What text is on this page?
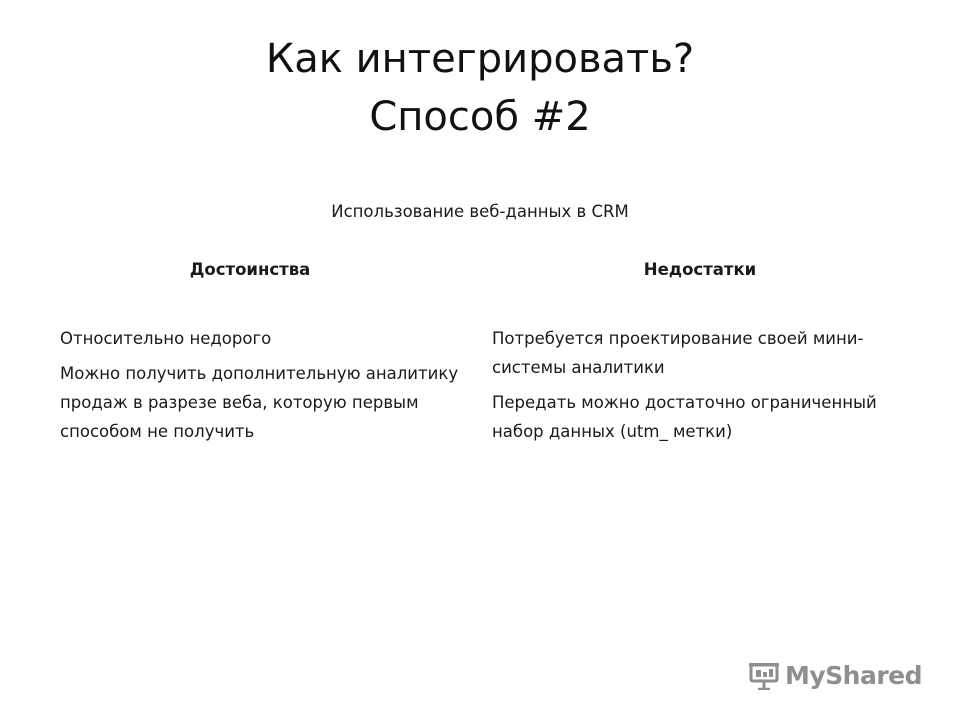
Как интегрировать?
Способ #2
Использование веб-данных в CRM
Достоинства	Недостатки

Относительно недорого

Можно получить дополнительную аналитику продаж в разрезе веба, которую первым способом не получить

Потребуется проектирование своей мини-системы аналитики

Передать можно достаточно ограниченный набор данных (utm_ метки)

MyShared
